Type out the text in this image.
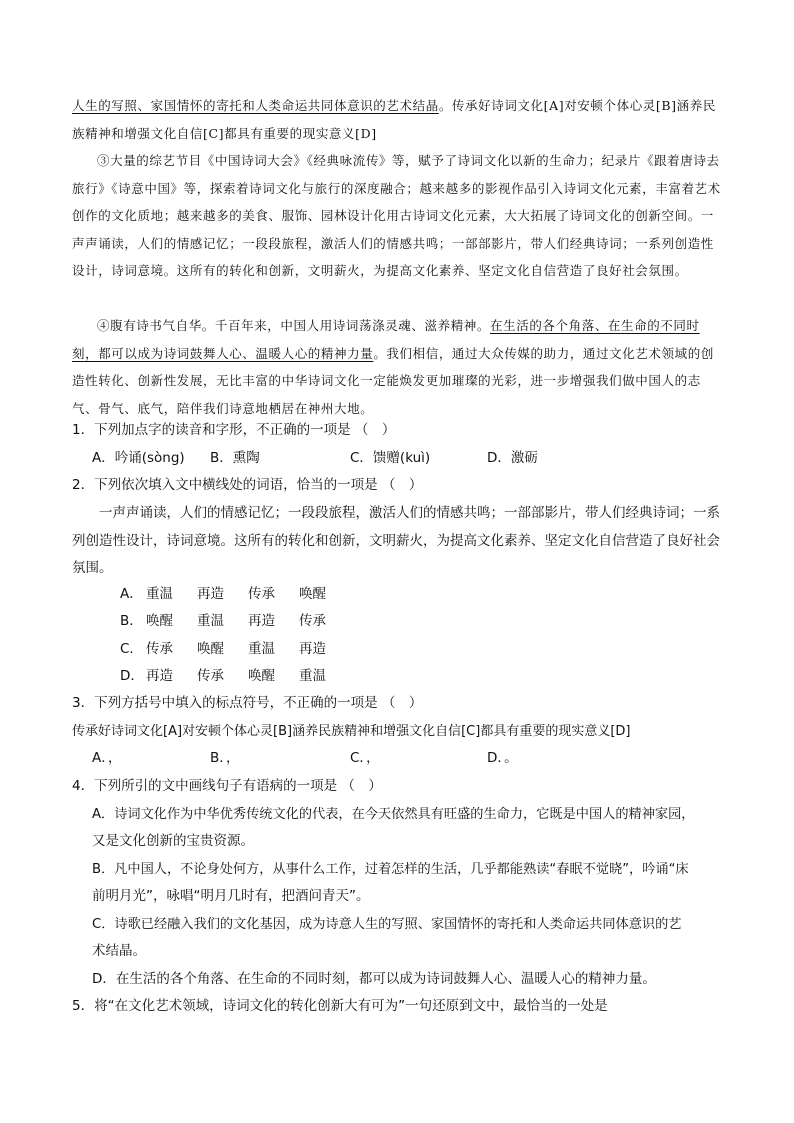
人生的写照、家国情怀的寄托和人类命运共同体意识的艺术结晶。传承好诗词文化[A]对安顿个体心灵[B]涵养民族精神和增强文化自信[C]都具有重要的现实意义[D]

③大量的综艺节目《中国诗词大会》《经典咏流传》等，赋予了诗词文化以新的生命力；纪录片《跟着唐诗去旅行》《诗意中国》等，探索着诗词文化与旅行的深度融合；越来越多的影视作品引入诗词文化元素，丰富着艺术创作的文化质地；越来越多的美食、服饰、园林设计化用古诗词文化元素，大大拓展了诗词文化的创新空间。一声声诵读，人们的情感记忆；一段段旅程，激活人们的情感共鸣；一部部影片，带人们经典诗词；一系列创造性设计，诗词意境。这所有的转化和创新，文明薪火，为提高文化素养、坚定文化自信营造了良好社会氛围。

④腹有诗书气自华。千百年来，中国人用诗词荡涤灵魂、滋养精神。在生活的各个角落、在生命的不同时刻，都可以成为诗词鼓舞人心、温暖人心的精神力量。我们相信，通过大众传媒的助力，通过文化艺术领域的创造性转化、创新性发展，无比丰富的中华诗词文化一定能焕发更加璀璨的光彩，进一步增强我们做中国人的志气、骨气、底气，陪伴我们诗意地栖居在神州大地。

1．下列加点字的读音和字形，不正确的一项是 （　）
A．吟诵(sòng) B．熏陶	C．馈赠(kuì)	D．激砺
2．下列依次填入文中横线处的词语，恰当的一项是 （　）
一声声诵读，人们的情感记忆；一段段旅程，激活人们的情感共鸣；一部部影片，带人们经典诗词；一系列创造性设计，诗词意境。这所有的转化和创新，文明薪火，为提高文化素养、坚定文化自信营造了良好社会氛围。
A． 重温 再造 传承 唤醒
B． 唤醒 重温 再造 传承
C． 传承 唤醒 重温 再造
D． 再造 传承 唤醒 重温
3．下列方括号中填入的标点符号，不正确的一项是 （　）
传承好诗词文化[A]对安顿个体心灵[B]涵养民族精神和增强文化自信[C]都具有重要的现实意义[D]
A．，	B．，	C．，	D．。
4．下列所引的文中画线句子有语病的一项是 （　）
A．诗词文化作为中华优秀传统文化的代表，在今天依然具有旺盛的生命力，它既是中国人的精神家园，
又是文化创新的宝贵资源。
B．凡中国人，不论身处何方，从事什么工作，过着怎样的生活，几乎都能熟读“春眠不觉晓”，吟诵“床
前明月光”，咏唱“明月几时有，把酒问青天”。
C．诗歌已经融入我们的文化基因，成为诗意人生的写照、家国情怀的寄托和人类命运共同体意识的艺
术结晶。
D．在生活的各个角落、在生命的不同时刻，都可以成为诗词鼓舞人心、温暖人心的精神力量。
5．将“在文化艺术领域，诗词文化的转化创新大有可为”一句还原到文中，最恰当的一处是
